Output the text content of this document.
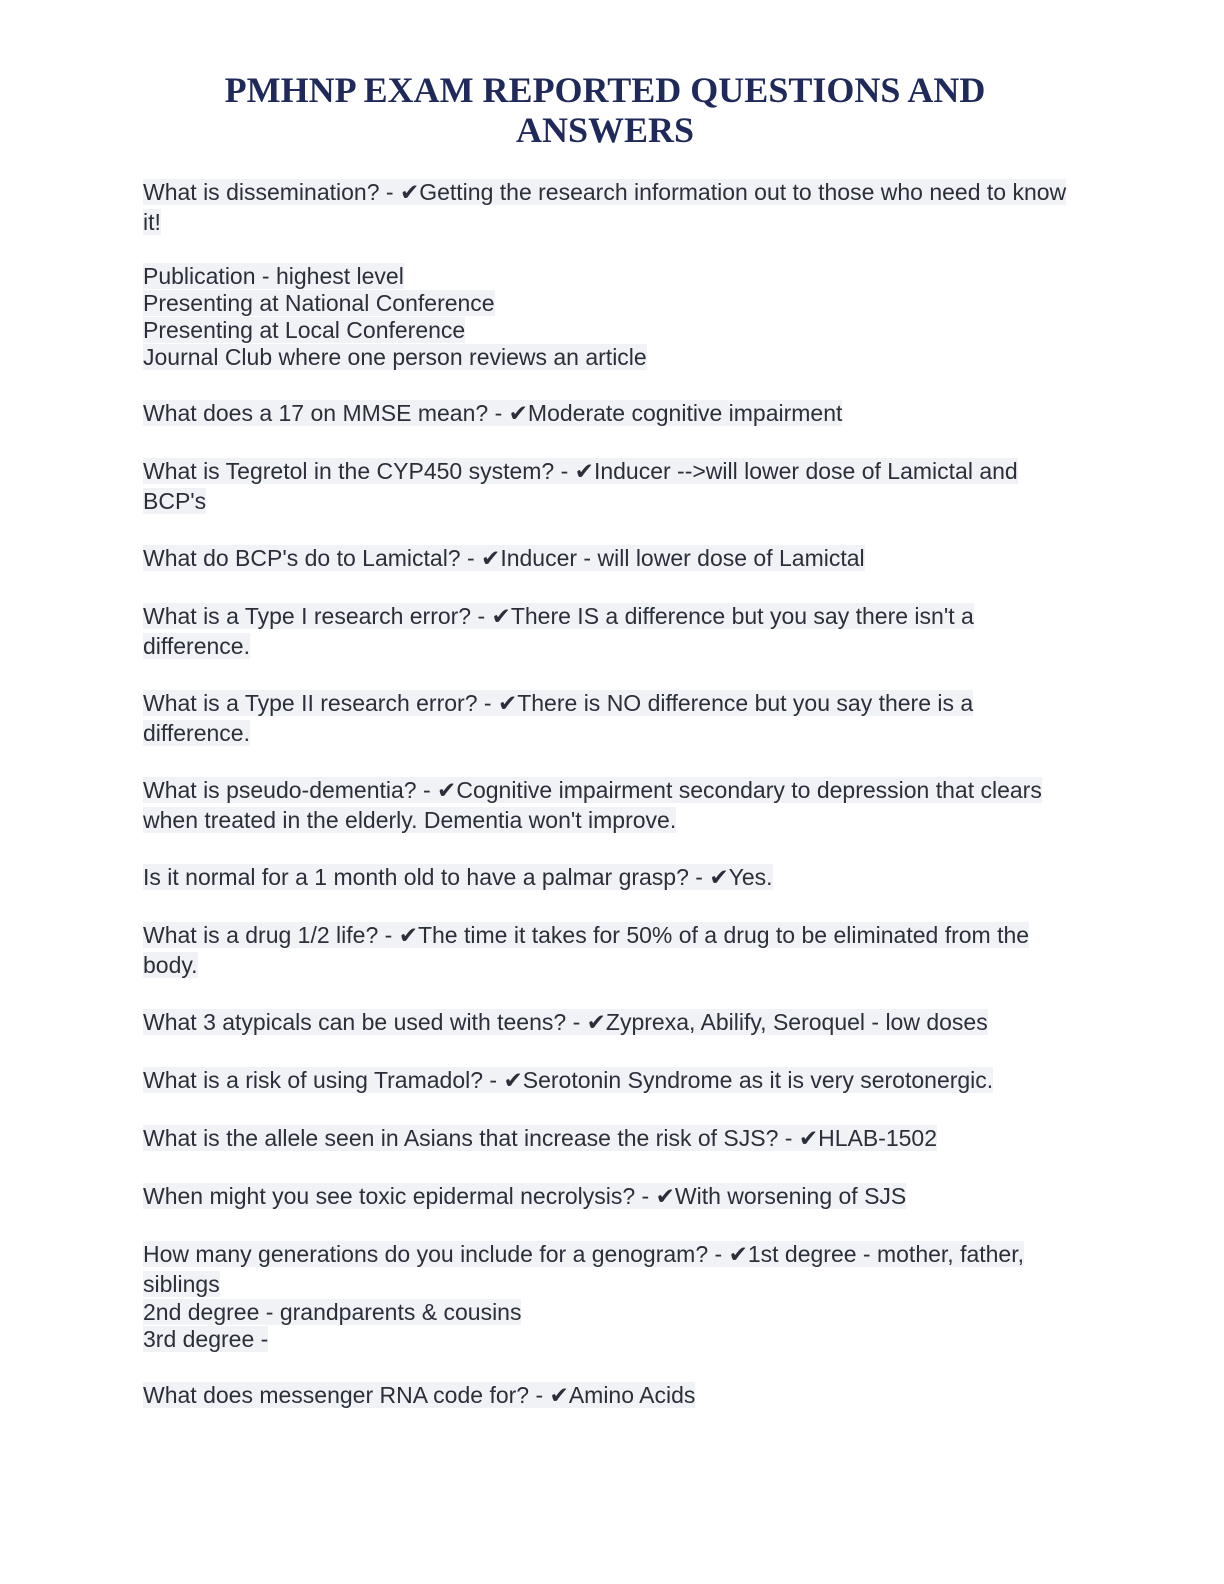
PMHNP EXAM REPORTED QUESTIONS AND
ANSWERS
What is dissemination? - ✔Getting the research information out to those who need to know it!
Publication - highest level
Presenting at National Conference
Presenting at Local Conference
Journal Club where one person reviews an article
What does a 17 on MMSE mean? - ✔Moderate cognitive impairment
What is Tegretol in the CYP450 system? - ✔Inducer -->will lower dose of Lamictal and BCP's
What do BCP's do to Lamictal? - ✔Inducer - will lower dose of Lamictal
What is a Type I research error? - ✔There IS a difference but you say there isn't a difference.
What is a Type II research error? - ✔There is NO difference but you say there is a difference.
What is pseudo-dementia? - ✔Cognitive impairment secondary to depression that clears when treated in the elderly. Dementia won't improve.
Is it normal for a 1 month old to have a palmar grasp? - ✔Yes.
What is a drug 1/2 life? - ✔The time it takes for 50% of a drug to be eliminated from the body.
What 3 atypicals can be used with teens? - ✔Zyprexa, Abilify, Seroquel - low doses
What is a risk of using Tramadol? - ✔Serotonin Syndrome as it is very serotonergic.
What is the allele seen in Asians that increase the risk of SJS? - ✔HLAB-1502
When might you see toxic epidermal necrolysis? - ✔With worsening of SJS
How many generations do you include for a genogram? - ✔1st degree - mother, father, siblings
2nd degree - grandparents & cousins
3rd degree -
What does messenger RNA code for? - ✔Amino Acids
